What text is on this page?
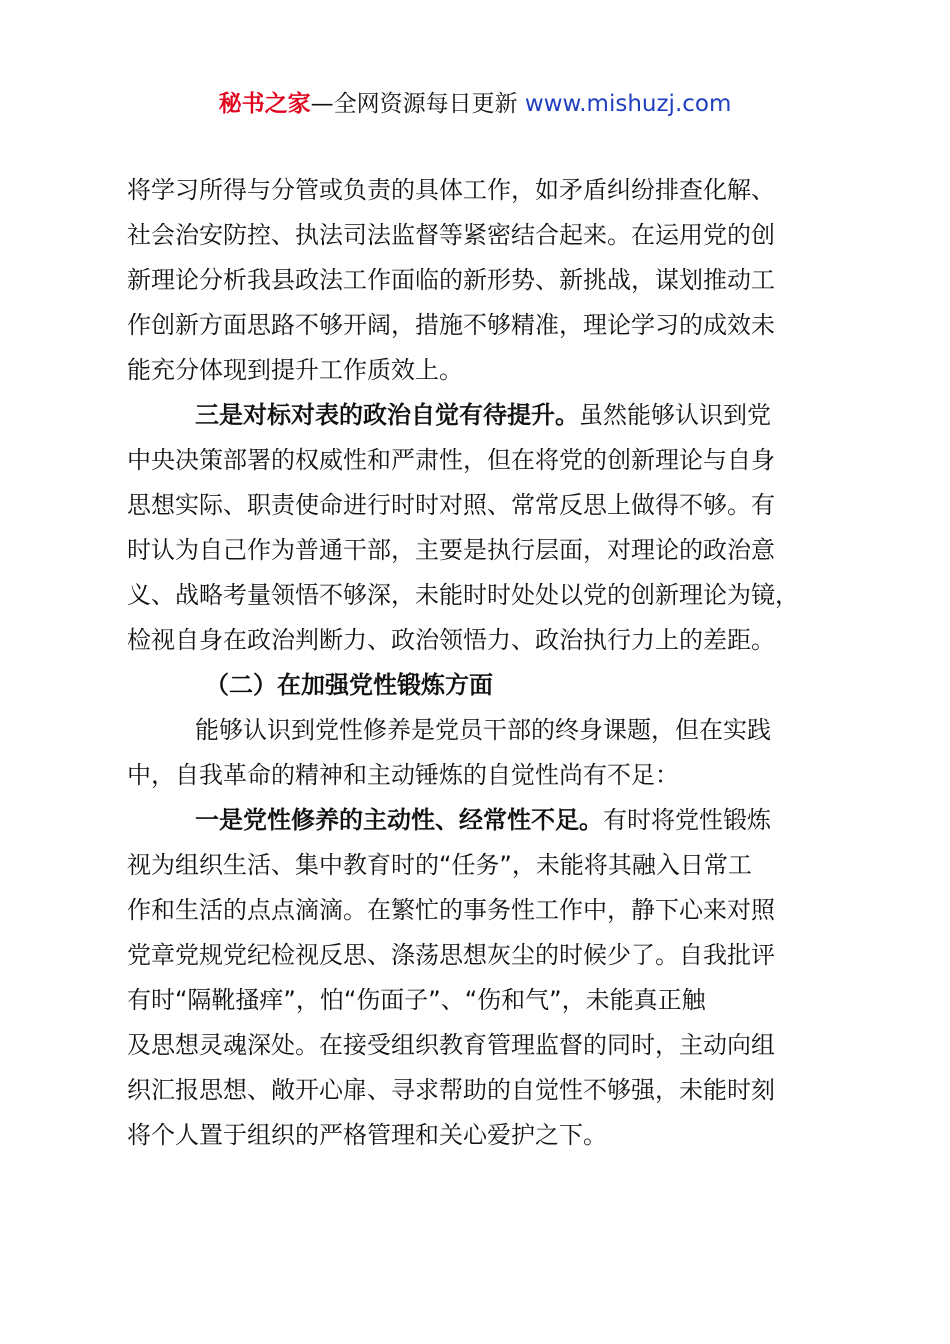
秘书之家—全网资源每日更新 www.mishuzj.com
将学习所得与分管或负责的具体工作，如矛盾纠纷排查化解、
社会治安防控、执法司法监督等紧密结合起来。在运用党的创
新理论分析我县政法工作面临的新形势、新挑战，谋划推动工
作创新方面思路不够开阔，措施不够精准，理论学习的成效未
能充分体现到提升工作质效上。
三是对标对表的政治自觉有待提升。虽然能够认识到党
中央决策部署的权威性和严肃性，但在将党的创新理论与自身
思想实际、职责使命进行时时对照、常常反思上做得不够。有
时认为自己作为普通干部，主要是执行层面，对理论的政治意
义、战略考量领悟不够深，未能时时处处以党的创新理论为镜，
检视自身在政治判断力、政治领悟力、政治执行力上的差距。
（二）在加强党性锻炼方面
能够认识到党性修养是党员干部的终身课题，但在实践
中，自我革命的精神和主动锤炼的自觉性尚有不足：
一是党性修养的主动性、经常性不足。有时将党性锻炼
视为组织生活、集中教育时的“任务”，未能将其融入日常工
作和生活的点点滴滴。在繁忙的事务性工作中，静下心来对照
党章党规党纪检视反思、涤荡思想灰尘的时候少了。自我批评
有时“隔靴搔痒”，怕“伤面子”、“伤和气”，未能真正触
及思想灵魂深处。在接受组织教育管理监督的同时，主动向组
织汇报思想、敞开心扉、寻求帮助的自觉性不够强，未能时刻
将个人置于组织的严格管理和关心爱护之下。
